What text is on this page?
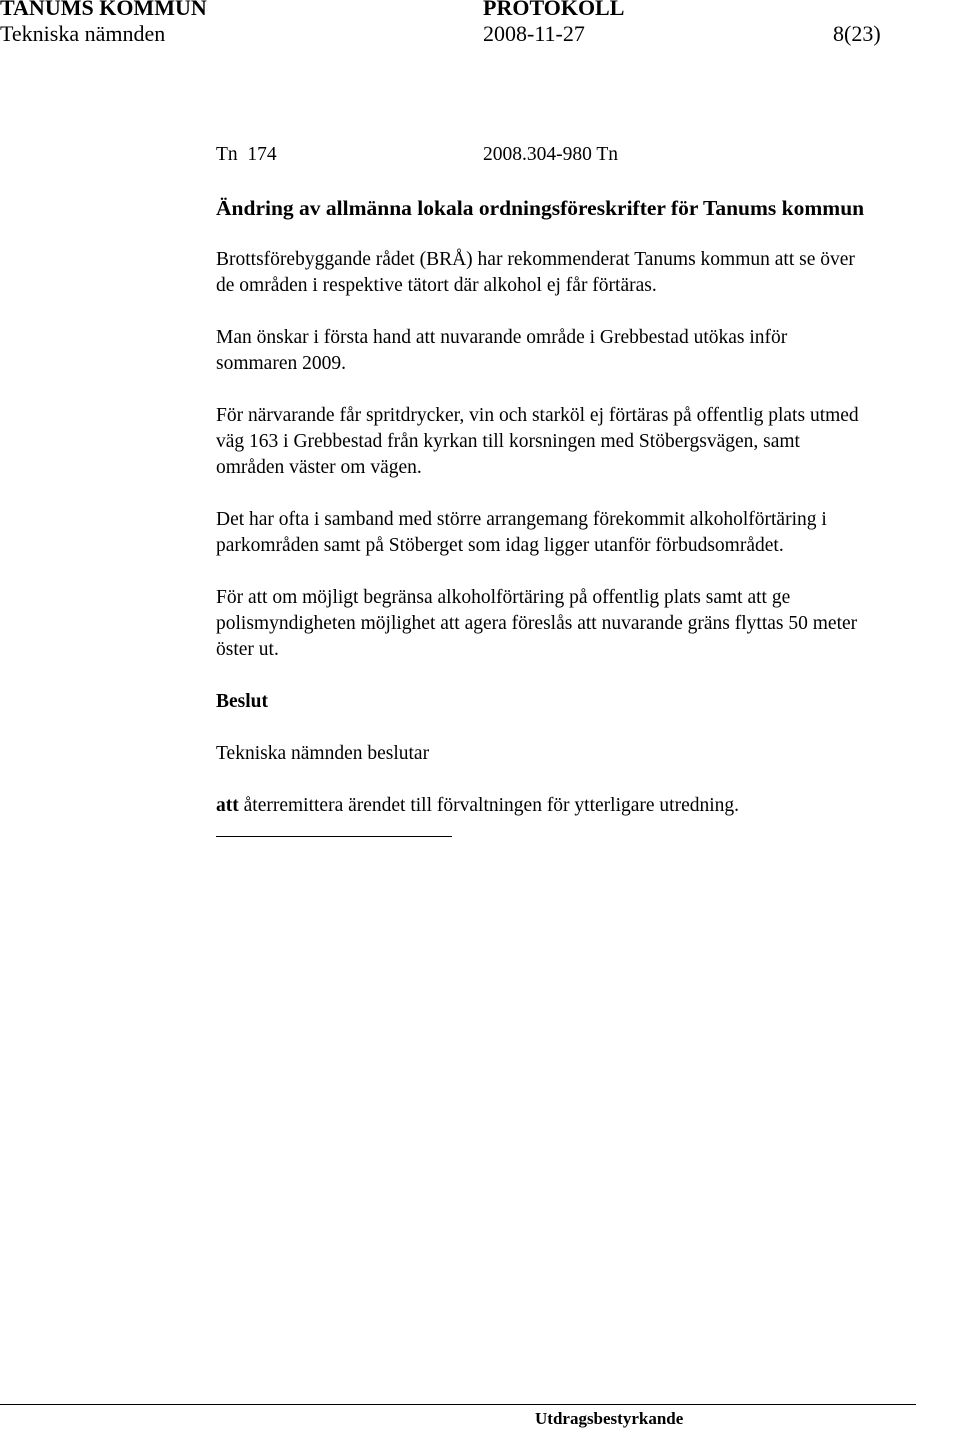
TANUMS KOMMUN	PROTOKOLL
Tekniska nämnden	2008-11-27	8(23)
Tn  174	2008.304-980 Tn
Ändring av allmänna lokala ordningsföreskrifter för Tanums kommun
Brottsförebyggande rådet (BRÅ) har rekommenderat Tanums kommun att se över
de områden i respektive tätort där alkohol ej får förtäras.
Man önskar i första hand att nuvarande område i Grebbestad utökas inför
sommaren 2009.
För närvarande får spritdrycker, vin och starköl ej förtäras på offentlig plats utmed
väg 163 i Grebbestad från kyrkan till korsningen med Stöbergsvägen, samt
områden väster om vägen.
Det har ofta i samband med större arrangemang förekommit alkoholförtäring i
parkområden samt på Stöberget som idag ligger utanför förbudsområdet.
För att om möjligt begränsa alkoholförtäring på offentlig plats samt att ge
polismyndigheten möjlighet att agera föreslås att nuvarande gräns flyttas 50 meter
öster ut.
Beslut
Tekniska nämnden beslutar
att återremittera ärendet till förvaltningen för ytterligare utredning.
Utdragsbestyrkande
